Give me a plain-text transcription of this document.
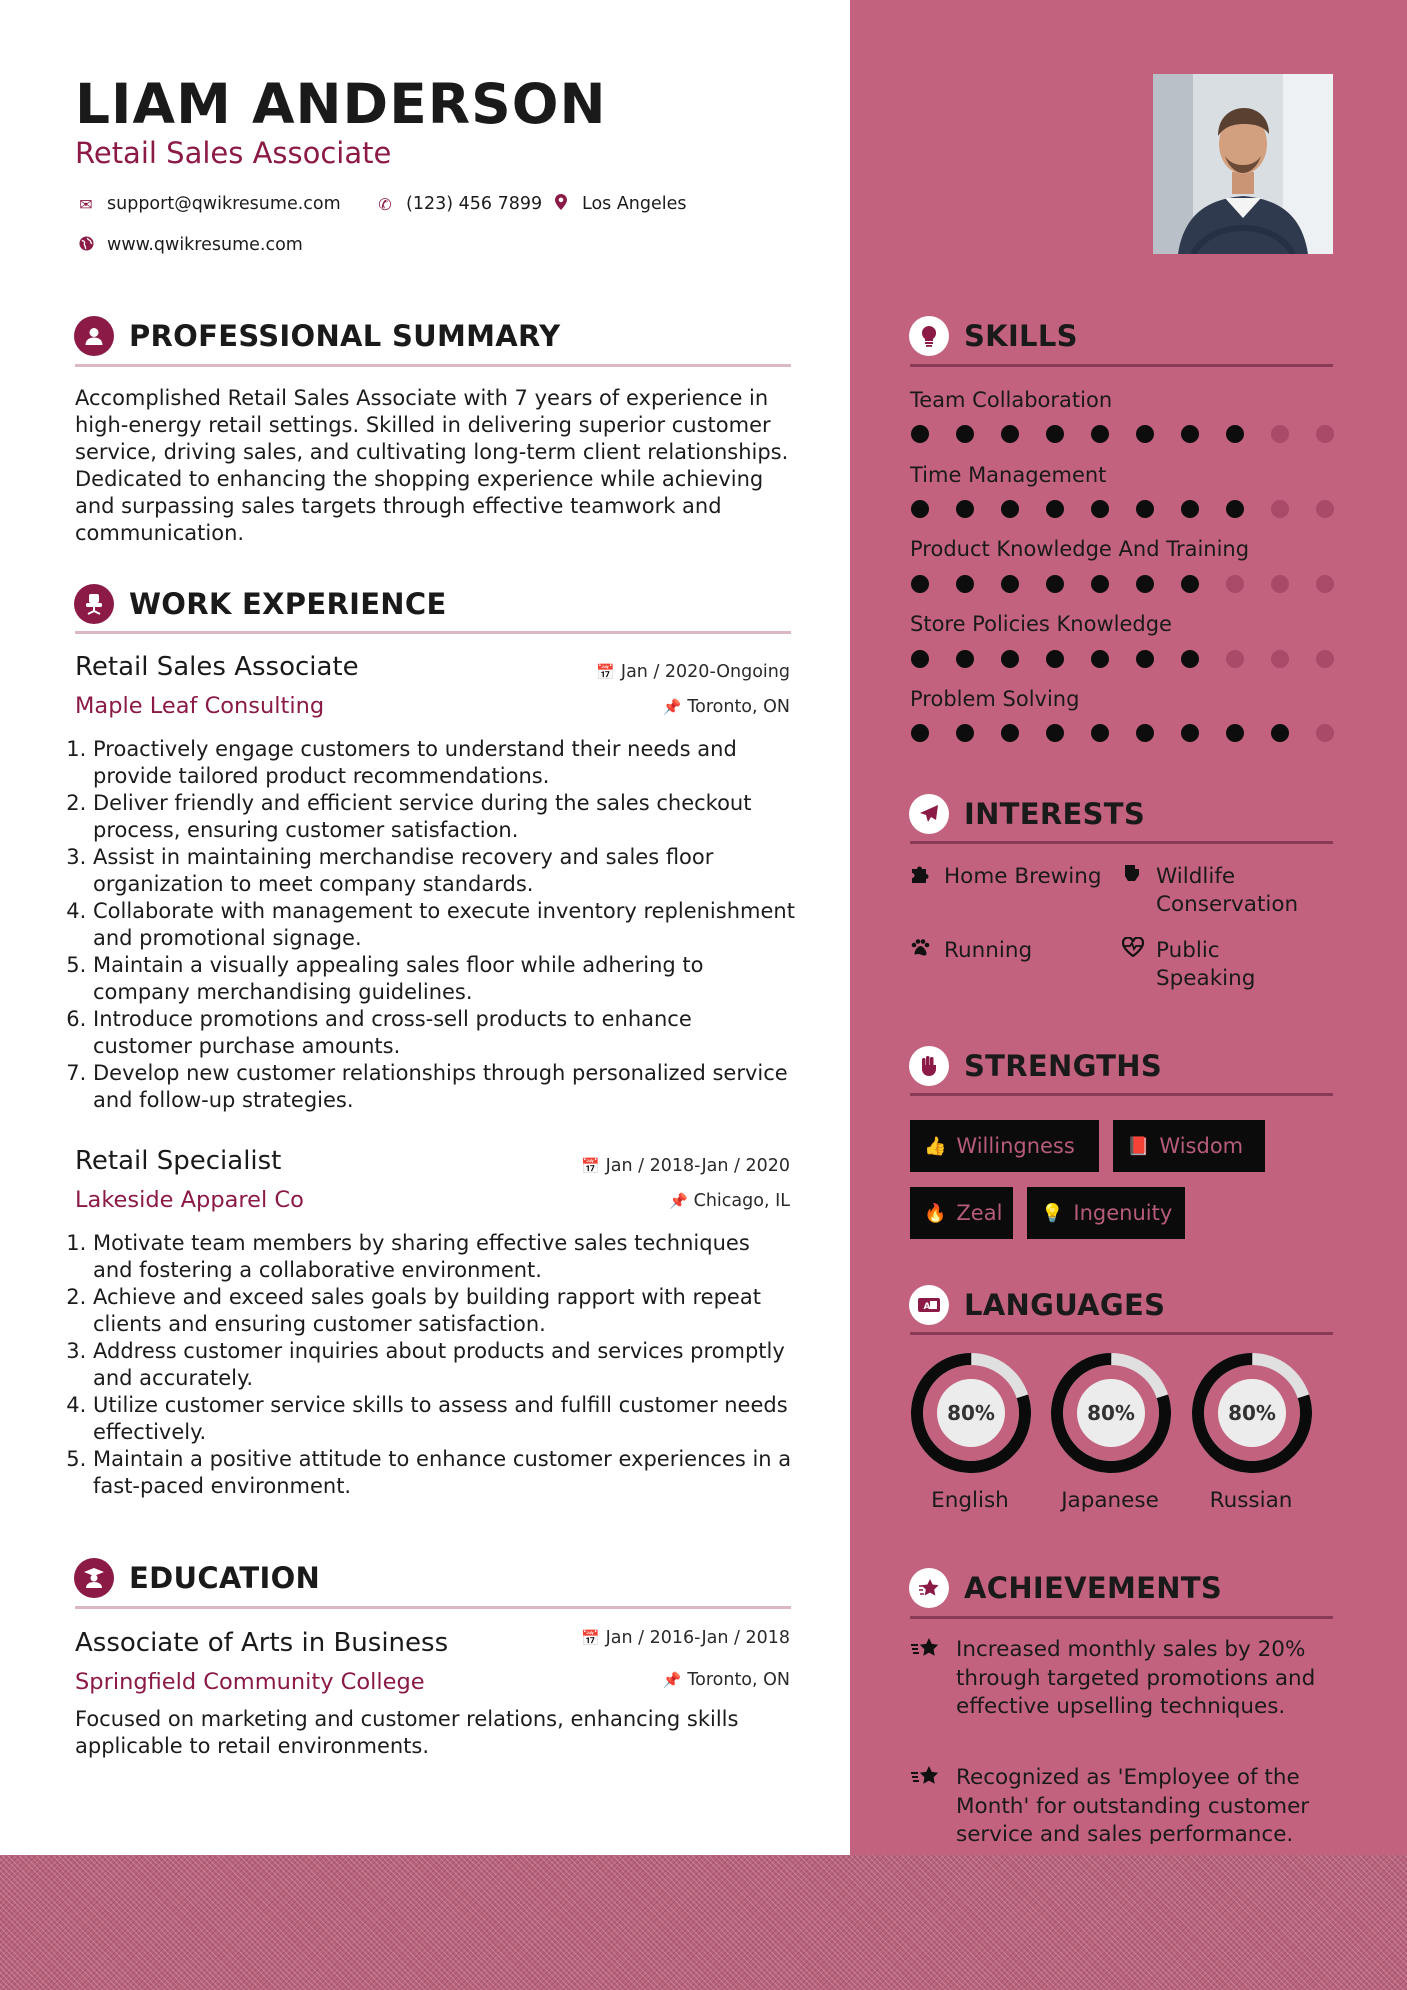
LIAM ANDERSON
Retail Sales Associate
✉ support@qwikresume.com ✆ (123) 456 7899 Los Angeles
www.qwikresume.com
PROFESSIONAL SUMMARY
Accomplished Retail Sales Associate with 7 years of experience in high-energy retail settings. Skilled in delivering superior customer service, driving sales, and cultivating long-term client relationships. Dedicated to enhancing the shopping experience while achieving and surpassing sales targets through effective teamwork and communication.
WORK EXPERIENCE
Retail Sales Associate	📅 Jan / 2020-Ongoing
Maple Leaf Consulting	📌 Toronto, ON
1. Proactively engage customers to understand their needs and provide tailored product recommendations.
2. Deliver friendly and efficient service during the sales checkout process, ensuring customer satisfaction.
3. Assist in maintaining merchandise recovery and sales floor organization to meet company standards.
4. Collaborate with management to execute inventory replenishment and promotional signage.
5. Maintain a visually appealing sales floor while adhering to company merchandising guidelines.
6. Introduce promotions and cross-sell products to enhance customer purchase amounts.
7. Develop new customer relationships through personalized service and follow-up strategies.
Retail Specialist	📅 Jan / 2018-Jan / 2020
Lakeside Apparel Co	📌 Chicago, IL
1. Motivate team members by sharing effective sales techniques and fostering a collaborative environment.
2. Achieve and exceed sales goals by building rapport with repeat clients and ensuring customer satisfaction.
3. Address customer inquiries about products and services promptly and accurately.
4. Utilize customer service skills to assess and fulfill customer needs effectively.
5. Maintain a positive attitude to enhance customer experiences in a fast-paced environment.
EDUCATION
Associate of Arts in Business	📅 Jan / 2016-Jan / 2018
Springfield Community College	📌 Toronto, ON
Focused on marketing and customer relations, enhancing skills applicable to retail environments.
SKILLS
Team Collaboration
Time Management
Product Knowledge And Training
Store Policies Knowledge
Problem Solving
INTERESTS
Home Brewing	Wildlife Conservation
Running	Public Speaking
STRENGTHS
👍 Willingness	📕 Wisdom
🔥 Zeal 💡 Ingenuity
A LANGUAGES
80%	80%	80%
English	Japanese	Russian
ACHIEVEMENTS
Increased monthly sales by 20% through targeted promotions and effective upselling techniques.
Recognized as 'Employee of the Month' for outstanding customer service and sales performance.
